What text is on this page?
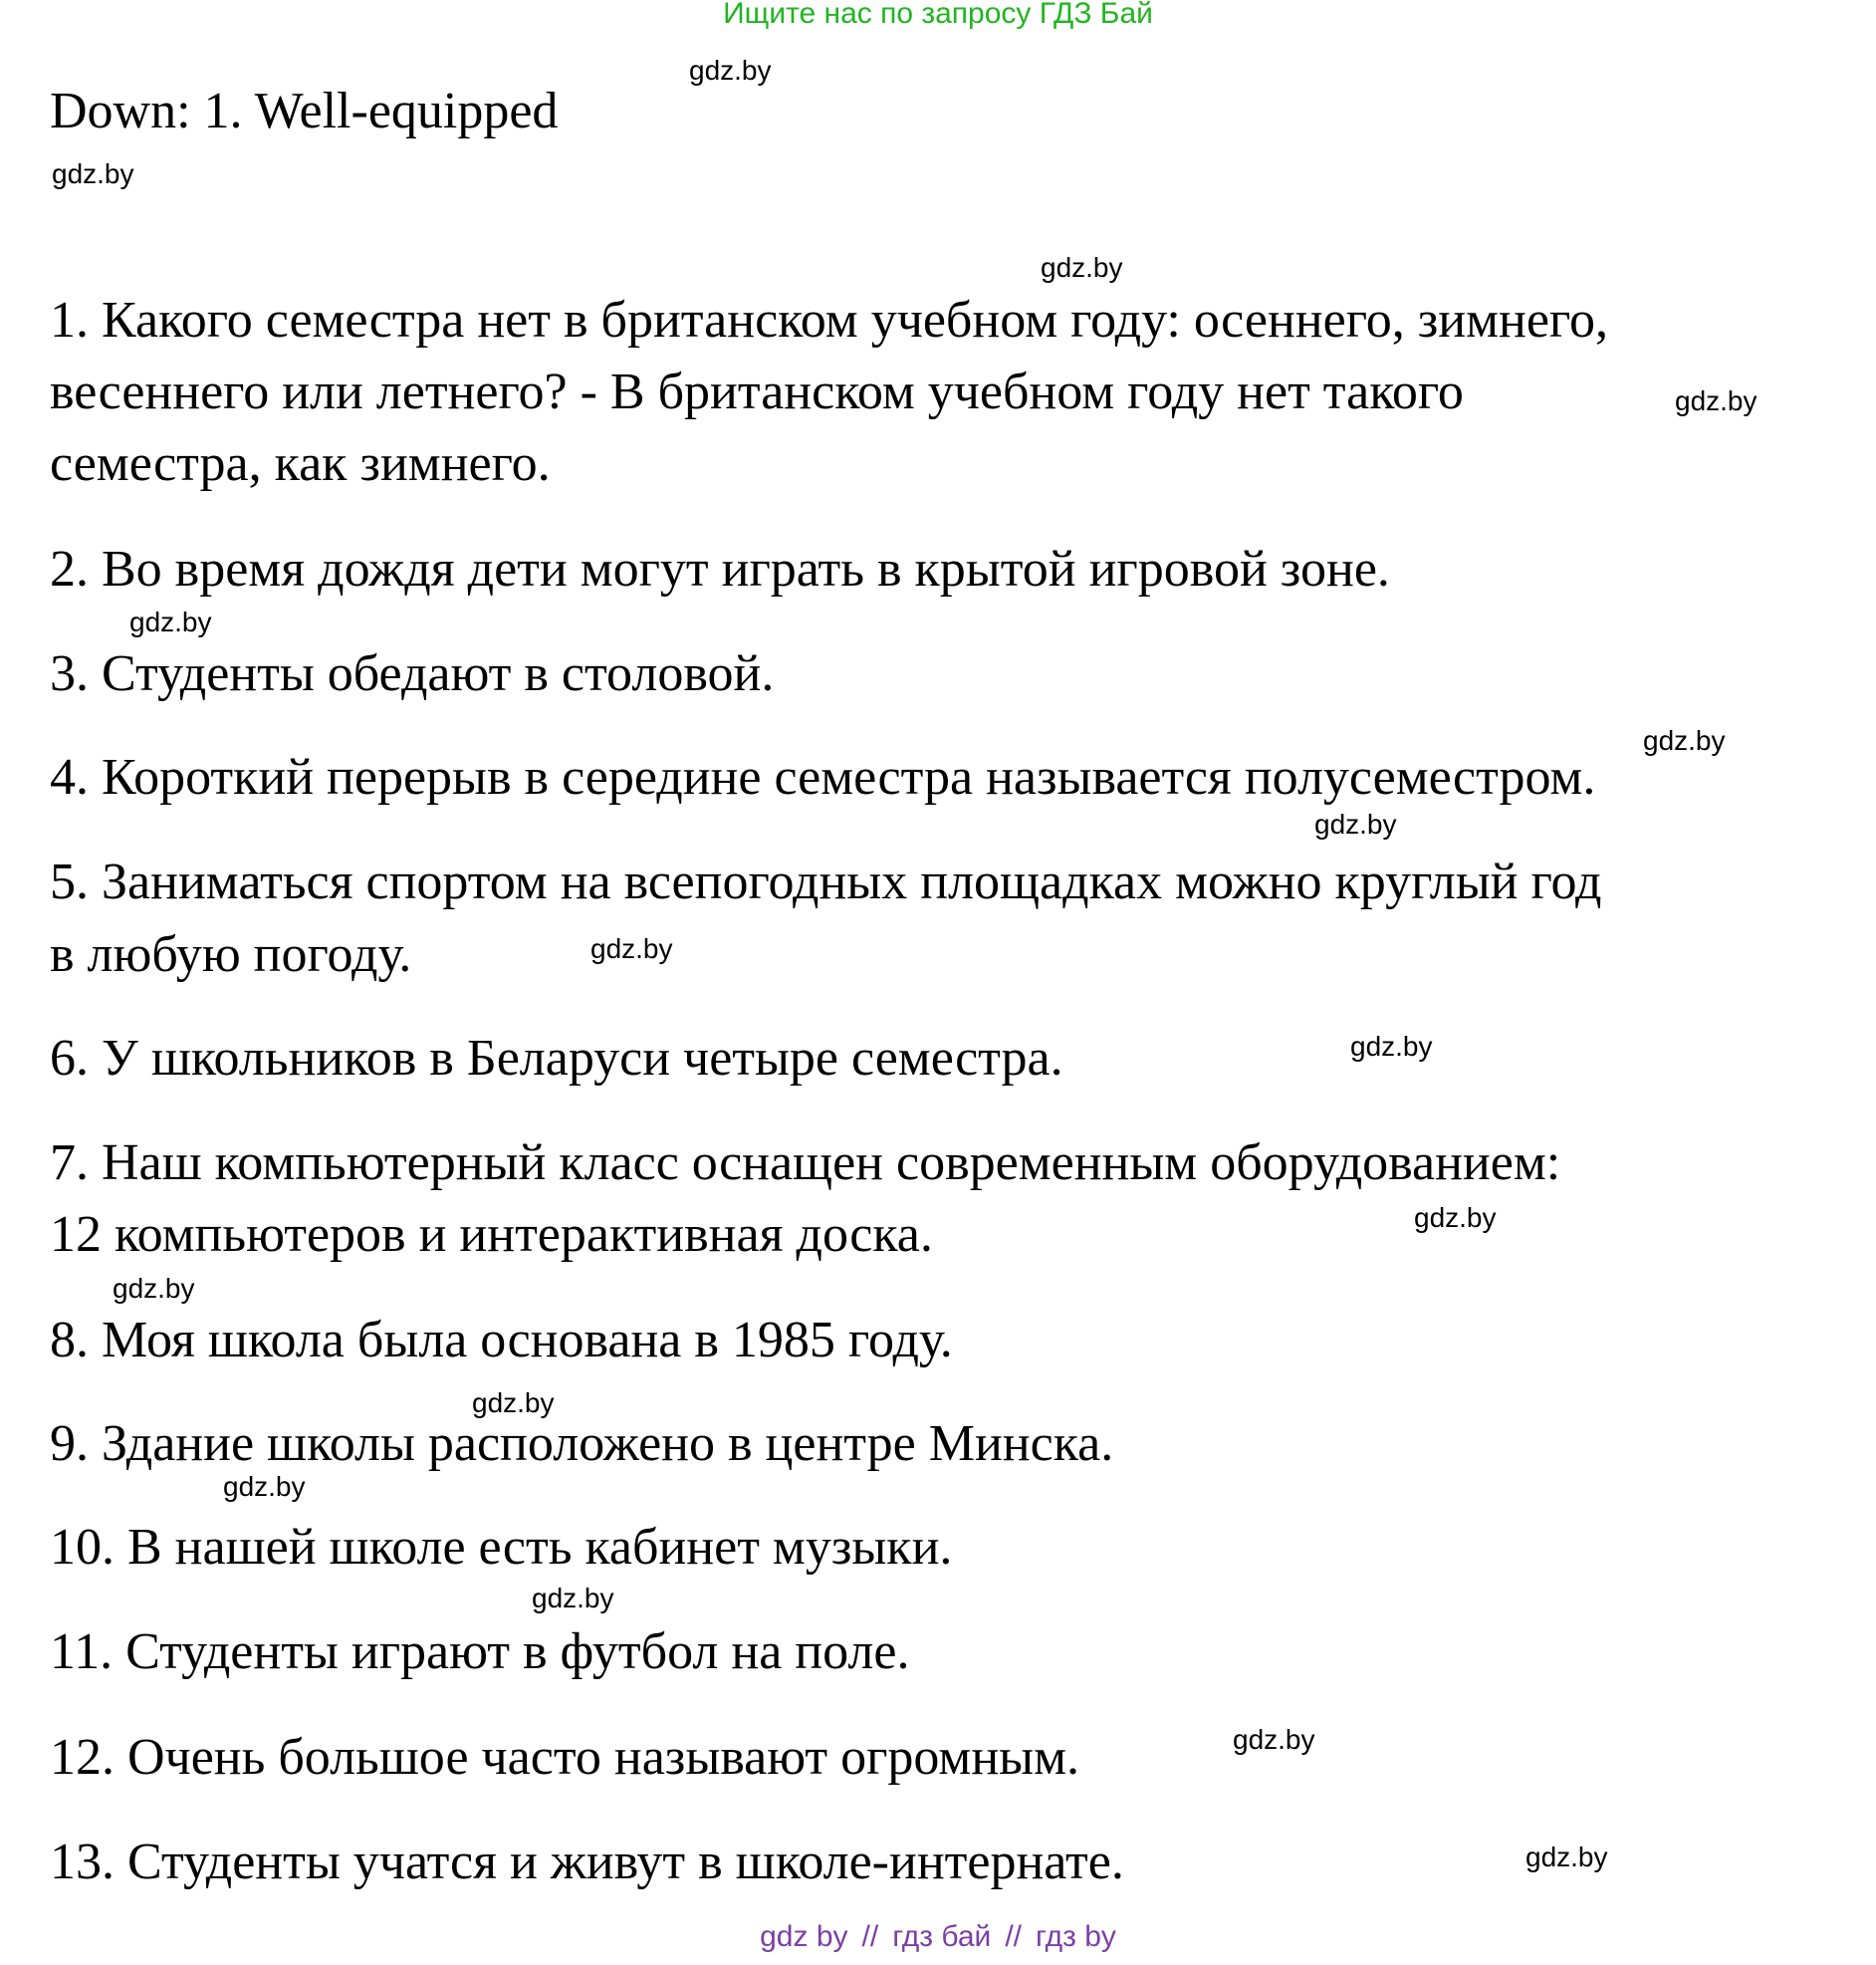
Ищите нас по запросу ГДЗ Бай
Down: 1. Well-equipped
1. Какого семестра нет в британском учебном году: осеннего, зимнего,
весеннего или летнего? - В британском учебном году нет такого
семестра, как зимнего.
2. Во время дождя дети могут играть в крытой игровой зоне.
3. Студенты обедают в столовой.
4. Короткий перерыв в середине семестра называется полусеместром.
5. Заниматься спортом на всепогодных площадках можно круглый год
в любую погоду.
6. У школьников в Беларуси четыре семестра.
7. Наш компьютерный класс оснащен современным оборудованием:
12 компьютеров и интерактивная доска.
8. Моя школа была основана в 1985 году.
9. Здание школы расположено в центре Минска.
10. В нашей школе есть кабинет музыки.
11. Студенты играют в футбол на поле.
12. Очень большое часто называют огромным.
13. Студенты учатся и живут в школе-интернате.
gdz.by
gdz.by
gdz.by
gdz.by
gdz.by
gdz.by
gdz.by
gdz.by
gdz.by
gdz.by
gdz.by
gdz.by
gdz.by
gdz.by
gdz.by
gdz.by
gdz by // гдз бай // гдз by
